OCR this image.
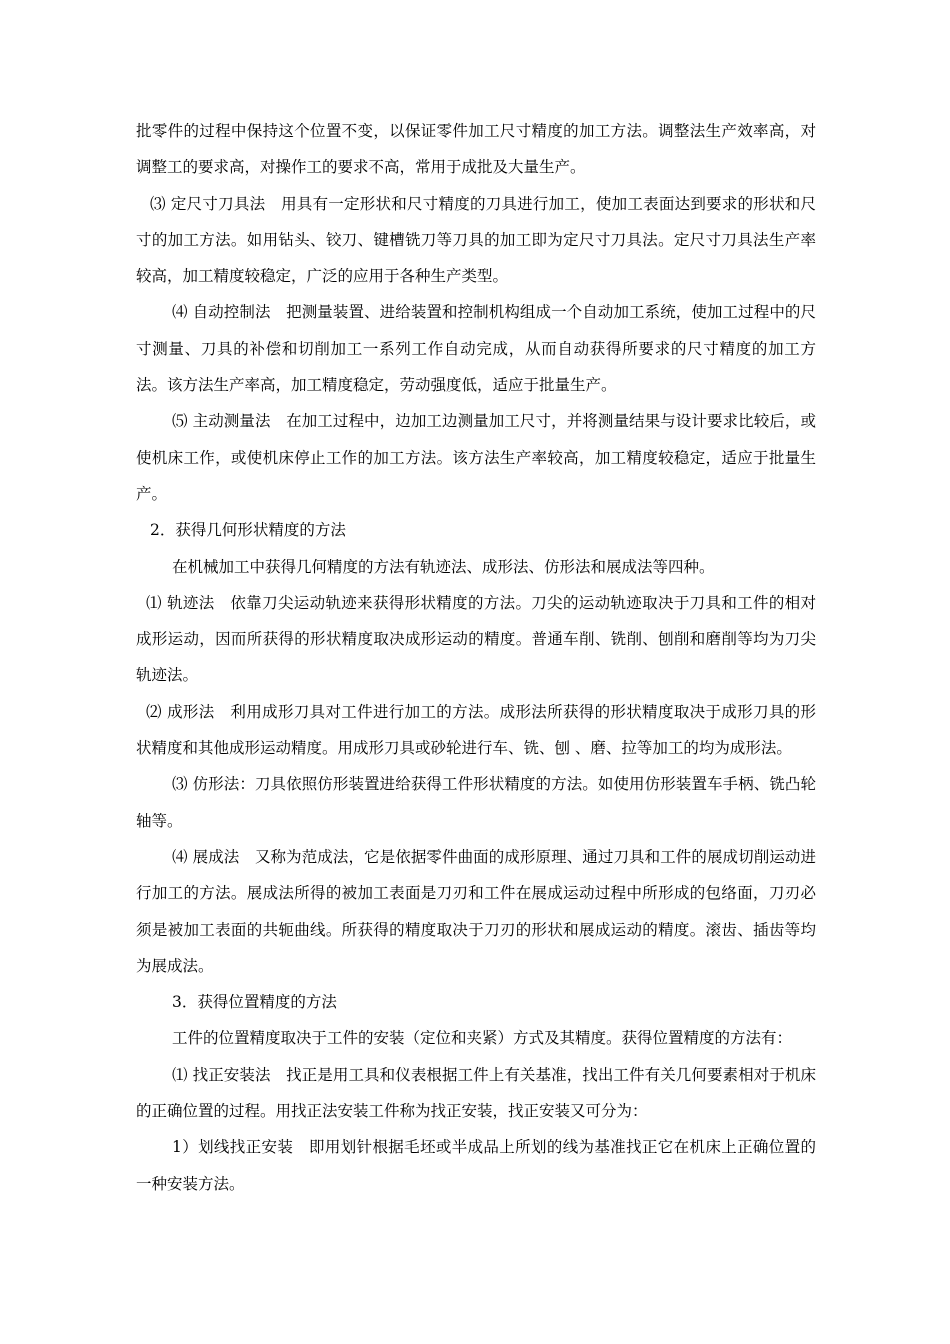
批零件的过程中保持这个位置不变，以保证零件加工尺寸精度的加工方法。调整法生产效率高，对调整工的要求高，对操作工的要求不高，常用于成批及大量生产。

⑶ 定尺寸刀具法　用具有一定形状和尺寸精度的刀具进行加工，使加工表面达到要求的形状和尺寸的加工方法。如用钻头、铰刀、键槽铣刀等刀具的加工即为定尺寸刀具法。定尺寸刀具法生产率较高，加工精度较稳定，广泛的应用于各种生产类型。

⑷ 自动控制法　把测量装置、进给装置和控制机构组成一个自动加工系统，使加工过程中的尺寸测量、刀具的补偿和切削加工一系列工作自动完成，从而自动获得所要求的尺寸精度的加工方法。该方法生产率高，加工精度稳定，劳动强度低，适应于批量生产。

⑸ 主动测量法　在加工过程中，边加工边测量加工尺寸，并将测量结果与设计要求比较后，或使机床工作，或使机床停止工作的加工方法。该方法生产率较高，加工精度较稳定，适应于批量生产。

2．获得几何形状精度的方法

在机械加工中获得几何精度的方法有轨迹法、成形法、仿形法和展成法等四种。

⑴ 轨迹法　依靠刀尖运动轨迹来获得形状精度的方法。刀尖的运动轨迹取决于刀具和工件的相对成形运动，因而所获得的形状精度取决成形运动的精度。普通车削、铣削、刨削和磨削等均为刀尖轨迹法。

⑵ 成形法　利用成形刀具对工件进行加工的方法。成形法所获得的形状精度取决于成形刀具的形状精度和其他成形运动精度。用成形刀具或砂轮进行车、铣、刨 、磨、拉等加工的均为成形法。

⑶ 仿形法：刀具依照仿形装置进给获得工件形状精度的方法。如使用仿形装置车手柄、铣凸轮轴等。

⑷ 展成法　又称为范成法，它是依据零件曲面的成形原理、通过刀具和工件的展成切削运动进行加工的方法。展成法所得的被加工表面是刀刃和工件在展成运动过程中所形成的包络面，刀刃必须是被加工表面的共轭曲线。所获得的精度取决于刀刃的形状和展成运动的精度。滚齿、插齿等均为展成法。

3．获得位置精度的方法

工件的位置精度取决于工件的安装（定位和夹紧）方式及其精度。获得位置精度的方法有：

⑴ 找正安装法　找正是用工具和仪表根据工件上有关基准，找出工件有关几何要素相对于机床的正确位置的过程。用找正法安装工件称为找正安装，找正安装又可分为：

1）划线找正安装　即用划针根据毛坯或半成品上所划的线为基准找正它在机床上正确位置的一种安装方法。
